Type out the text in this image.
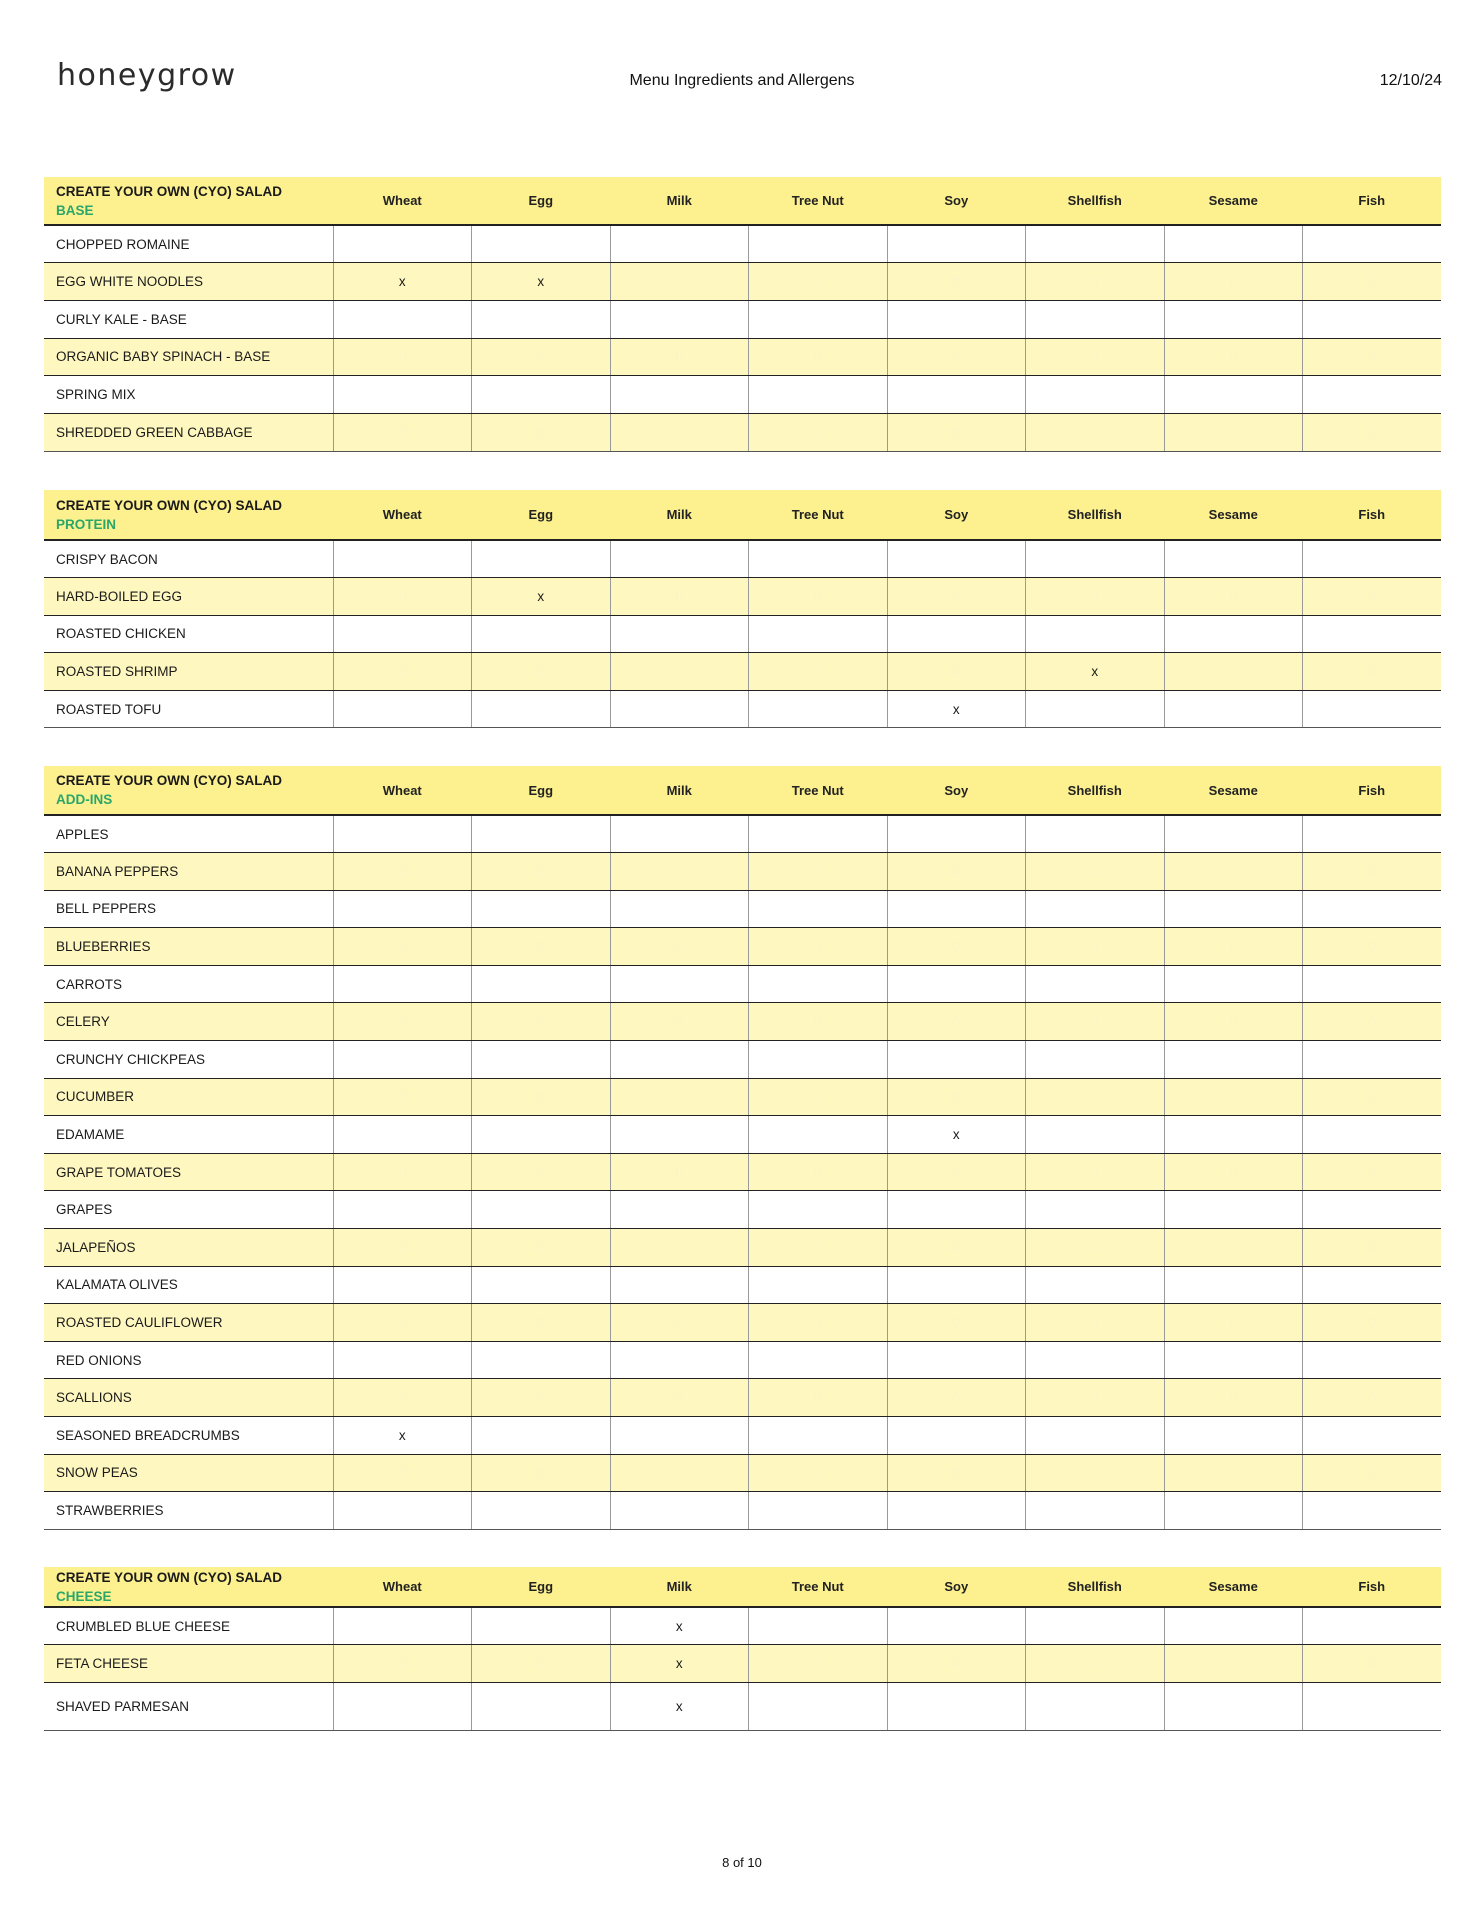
honeygrow	Menu Ingredients and Allergens	12/10/24
CREATE YOUR OWN (CYO) SALAD
BASE	Wheat	Egg	Milk	Tree Nut	Soy	Shellfish	Sesame	Fish
CHOPPED ROMAINE								
EGG WHITE NOODLES	x	x	0	0	0	0	0	0
CURLY KALE - BASE								
ORGANIC BABY SPINACH - BASE	0	0	0	0	0	0	0	0
SPRING MIX								
SHREDDED GREEN CABBAGE	0	0	0	0	0	0	0	0
CREATE YOUR OWN (CYO) SALAD
PROTEIN	Wheat	Egg	Milk	Tree Nut	Soy	Shellfish	Sesame	Fish
CRISPY BACON								
HARD-BOILED EGG	0	x	0	0	0	0	0	0
ROASTED CHICKEN								
ROASTED SHRIMP	0	0	0	0	0	x	0	0
ROASTED TOFU					x			
CREATE YOUR OWN (CYO) SALAD
ADD-INS	Wheat	Egg	Milk	Tree Nut	Soy	Shellfish	Sesame	Fish
APPLES								
BANANA PEPPERS	0	0	0	0	0	0	0	0
BELL PEPPERS								
BLUEBERRIES	0	0	0	0	0	0	0	0
CARROTS								
CELERY	0	0	0	0	0	0	0	0
CRUNCHY CHICKPEAS								
CUCUMBER	0	0	0	0	0	0	0	0
EDAMAME					x			
GRAPE TOMATOES	0	0	0	0	0	0	0	0
GRAPES								
JALAPEÑOS	0	0	0	0	0	0	0	0
KALAMATA OLIVES								
ROASTED CAULIFLOWER	0	0	0	0	0	0	0	0
RED ONIONS								
SCALLIONS	0	0	0	0	0	0	0	0
SEASONED BREADCRUMBS	x							
SNOW PEAS	0	0	0	0	0	0	0	0
STRAWBERRIES								
CREATE YOUR OWN (CYO) SALAD
CHEESE	Wheat	Egg	Milk	Tree Nut	Soy	Shellfish	Sesame	Fish
CRUMBLED BLUE CHEESE			x					
FETA CHEESE	0	0	x	0	0	0	0	0
SHAVED PARMESAN			x					
8 of 10
